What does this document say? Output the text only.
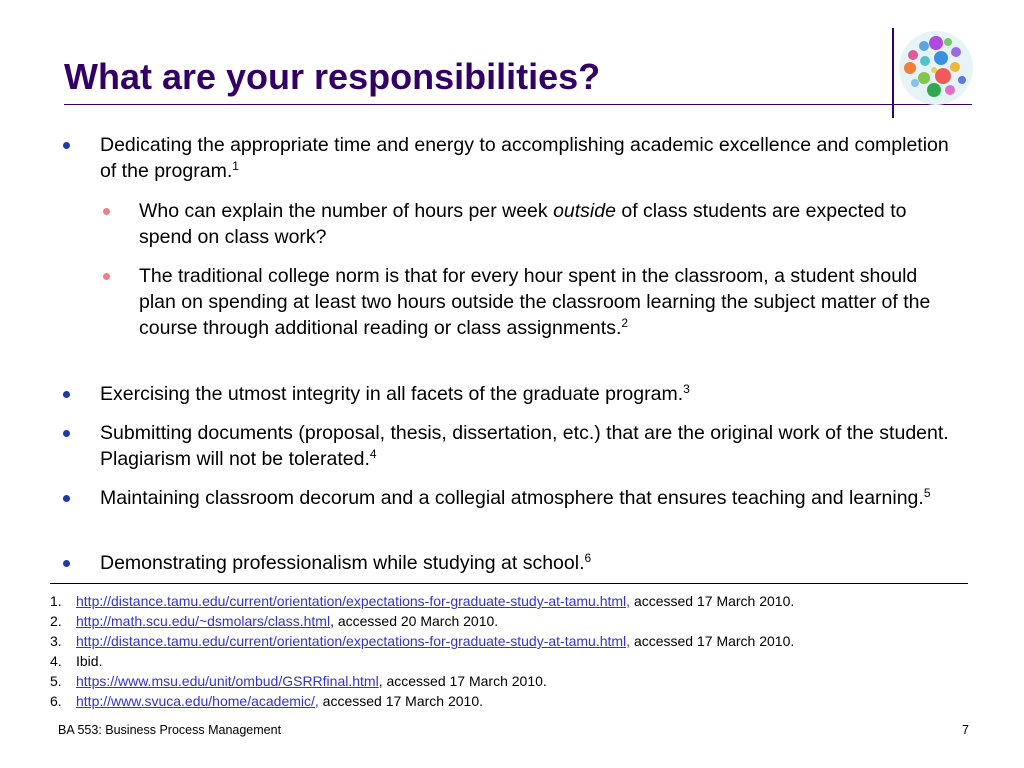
What are your responsibilities?
Dedicating the appropriate time and energy to accomplishing academic excellence and completion of the program.$^1$
Who can explain the number of hours per week outside of class students are expected to spend on class work?
The traditional college norm is that for every hour spent in the classroom, a student should plan on spending at least two hours outside the classroom learning the subject matter of the course through additional reading or class assignments.$^2$
Exercising the utmost integrity in all facets of the graduate program.$^3$
Submitting documents (proposal, thesis, dissertation, etc.) that are the original work of the student. Plagiarism will not be tolerated.$^4$
Maintaining classroom decorum and a collegial atmosphere that ensures teaching and learning.$^5$
Demonstrating professionalism while studying at school.$^6$
1. http://distance.tamu.edu/current/orientation/expectations-for-graduate-study-at-tamu.html, accessed 17 March 2010.
2. http://math.scu.edu/~dsmolars/class.html, accessed 20 March 2010.
3. http://distance.tamu.edu/current/orientation/expectations-for-graduate-study-at-tamu.html, accessed 17 March 2010.
4. Ibid.
5. https://www.msu.edu/unit/ombud/GSRRfinal.html, accessed 17 March 2010.
6. http://www.svuca.edu/home/academic/, accessed 17 March 2010.
BA 553: Business Process Management	7
